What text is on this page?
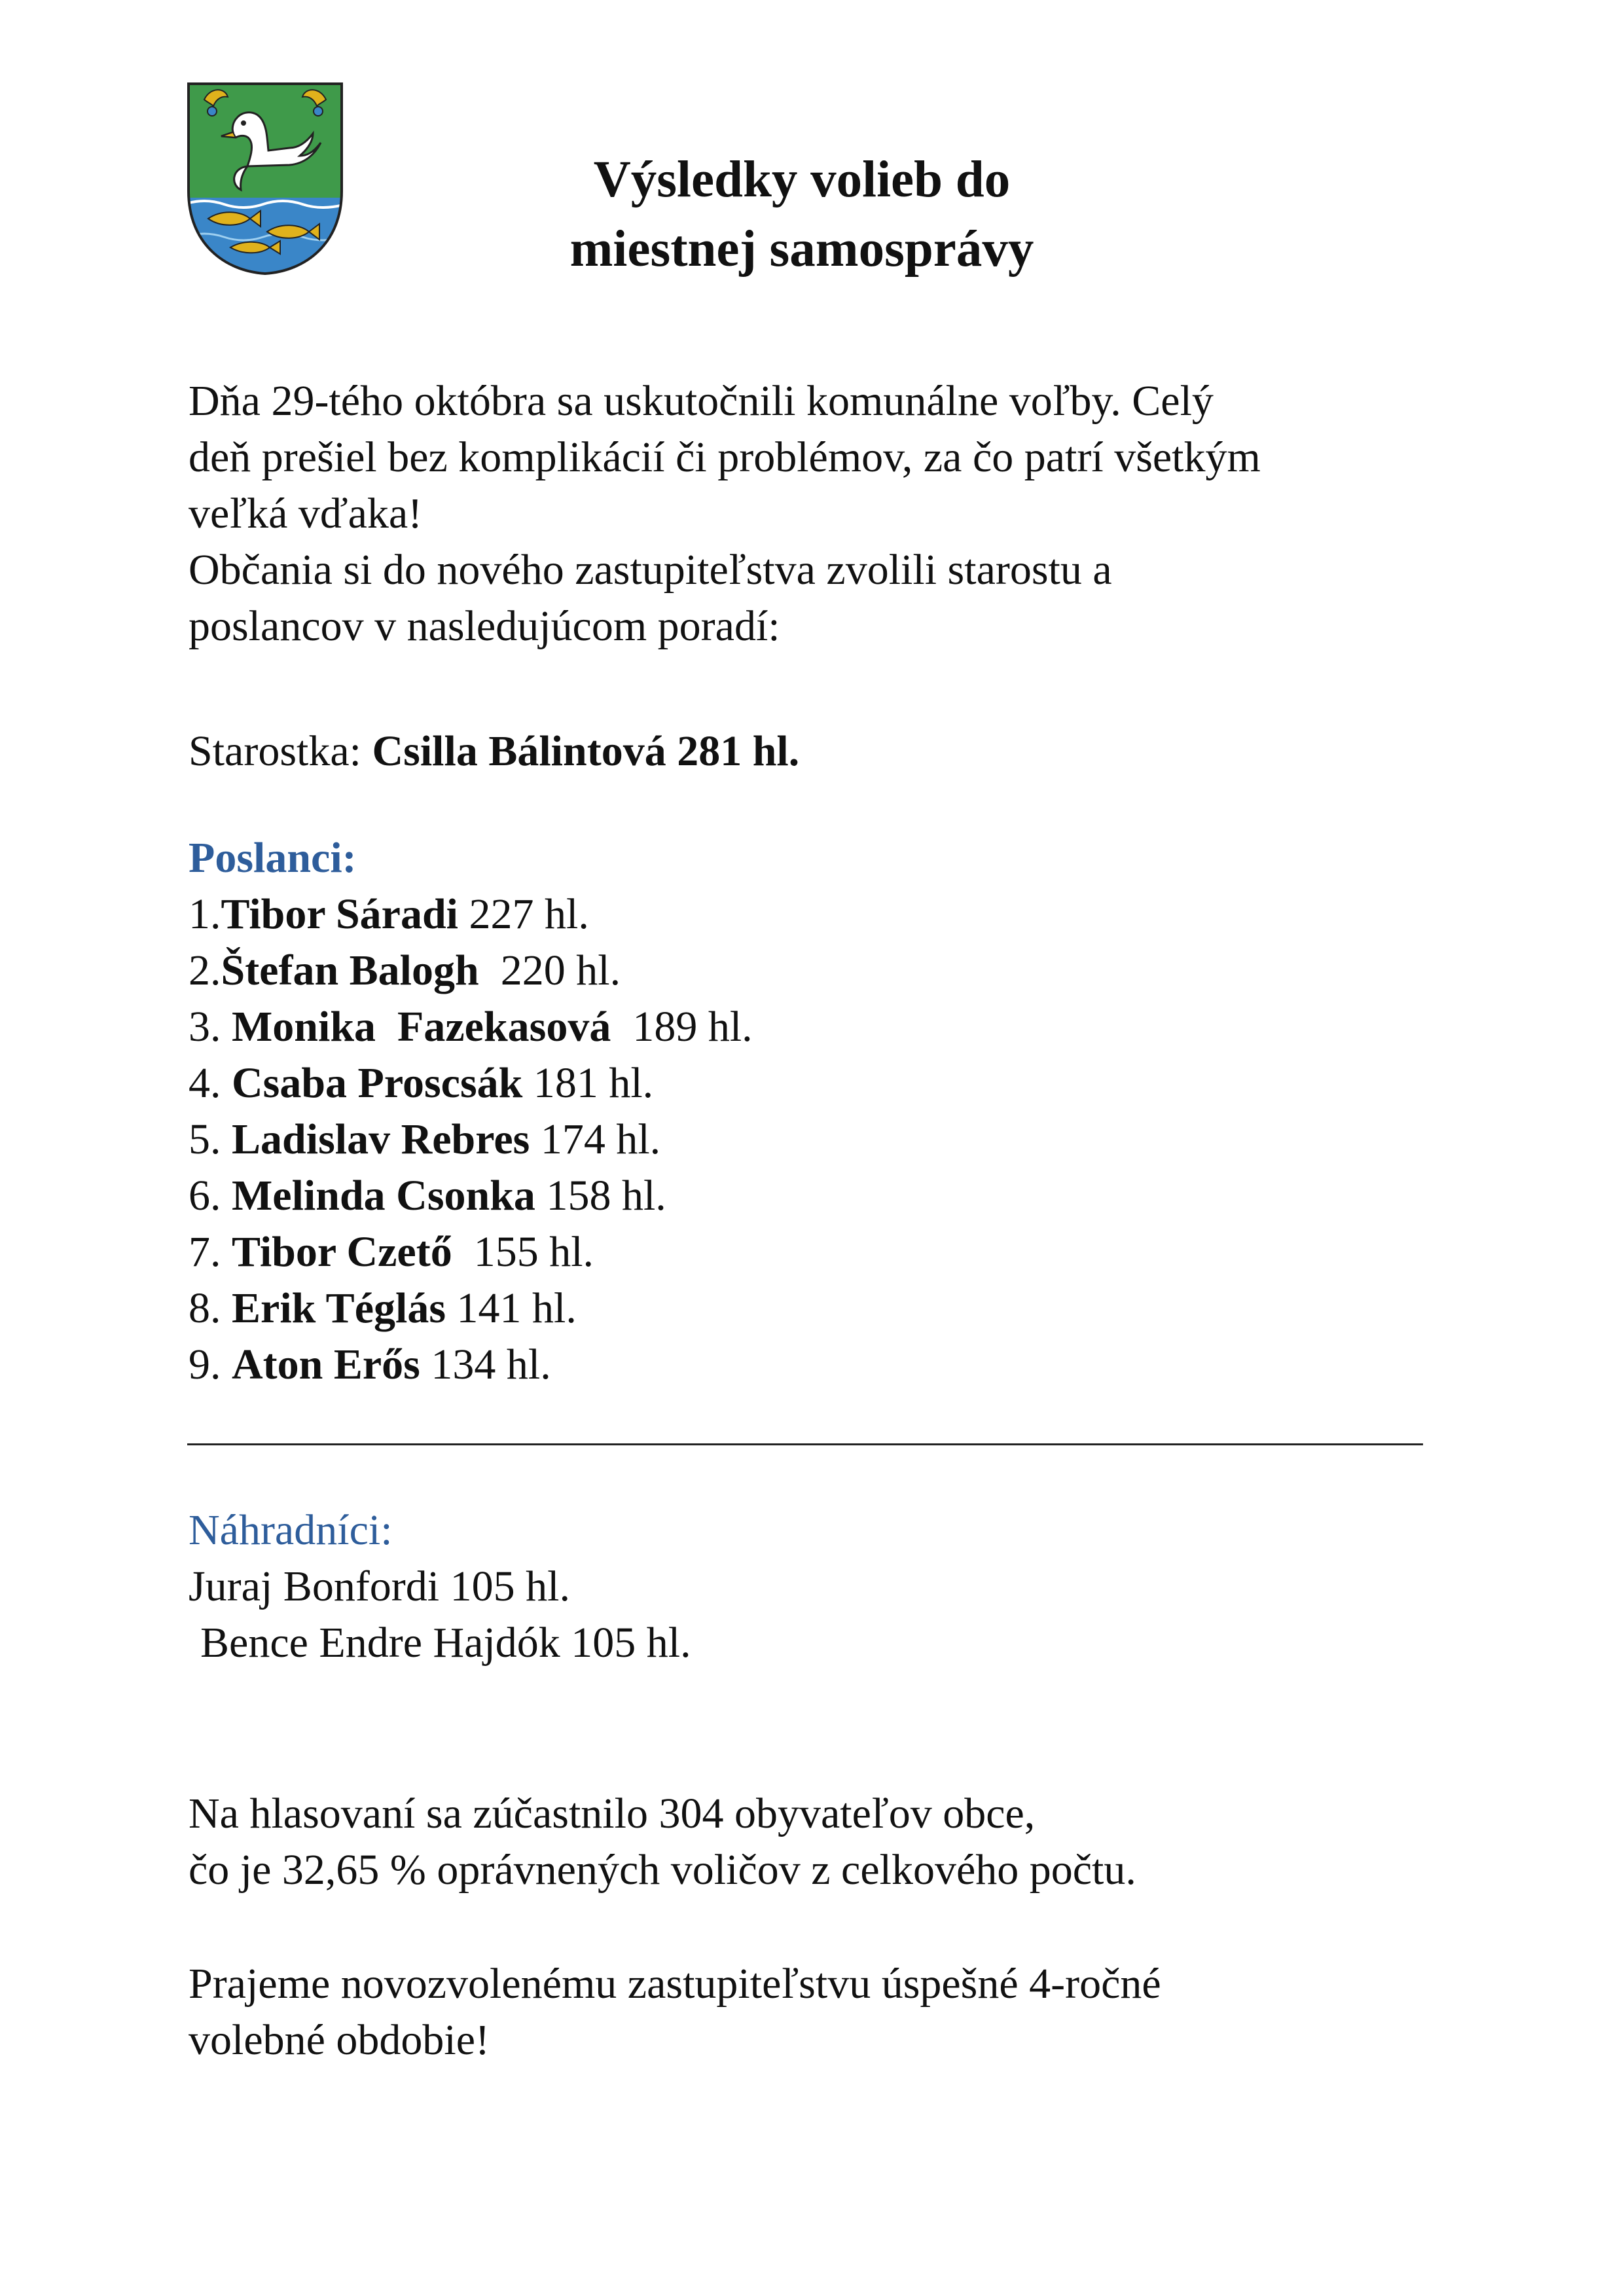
Výsledky volieb do
miestnej samosprávy
Dňa 29-tého októbra sa uskutočnili komunálne voľby. Celý
deň prešiel bez komplikácií či problémov, za čo patrí všetkým
veľká vďaka!
Občania si do nového zastupiteľstva zvolili starostu a
poslancov v nasledujúcom poradí:
Starostka: Csilla Bálintová 281 hl.
Poslanci:
1.Tibor Sáradi 227 hl.
2.Štefan Balogh 220 hl.
3. Monika  Fazekasová 189 hl.
4. Csaba Proscsák 181 hl.
5. Ladislav Rebres 174 hl.
6. Melinda Csonka 158 hl.
7. Tibor Czető 155 hl.
8. Erik Téglás 141 hl.
9. Aton Erős 134 hl.
Náhradníci:
Juraj Bonfordi 105 hl.
Bence Endre Hajdók 105 hl.
Na hlasovaní sa zúčastnilo 304 obyvateľov obce,
čo je 32,65 % oprávnených voličov z celkového počtu.
Prajeme novozvolenému zastupiteľstvu úspešné 4-ročné
volebné obdobie!
